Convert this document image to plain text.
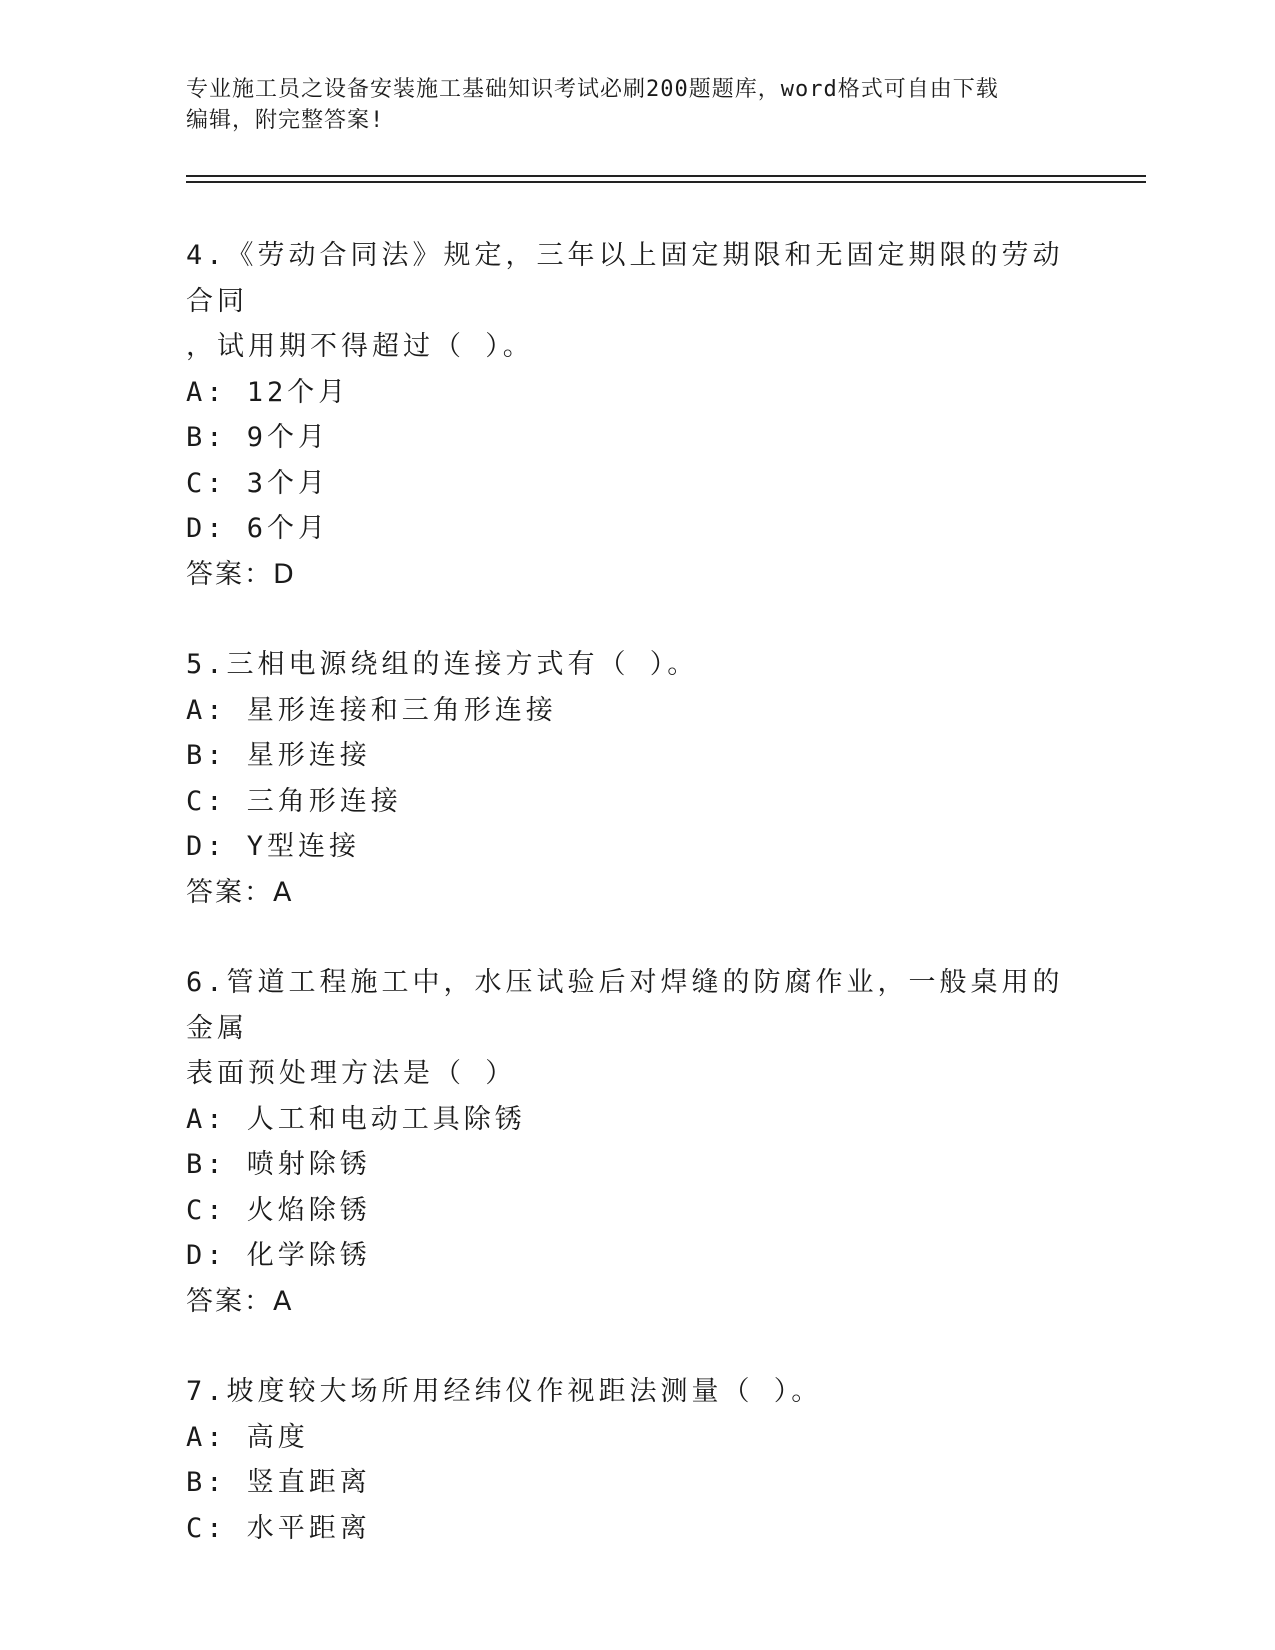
专业施工员之设备安装施工基础知识考试必刷200题题库，word格式可自由下载
编辑，附完整答案!
4.《劳动合同法》规定，三年以上固定期限和无固定期限的劳动合同
，试用期不得超过（ ）。
A: 12个月
B: 9个月
C: 3个月
D: 6个月
答案：D
5.三相电源绕组的连接方式有（ ）。
A: 星形连接和三角形连接
B: 星形连接
C: 三角形连接
D: Y型连接
答案：A
6.管道工程施工中，水压试验后对焊缝的防腐作业，一般桌用的金属
表面预处理方法是（ ）
A: 人工和电动工具除锈
B: 喷射除锈
C: 火焰除锈
D: 化学除锈
答案：A
7.坡度较大场所用经纬仪作视距法测量（ ）。
A: 高度
B: 竖直距离
C: 水平距离
